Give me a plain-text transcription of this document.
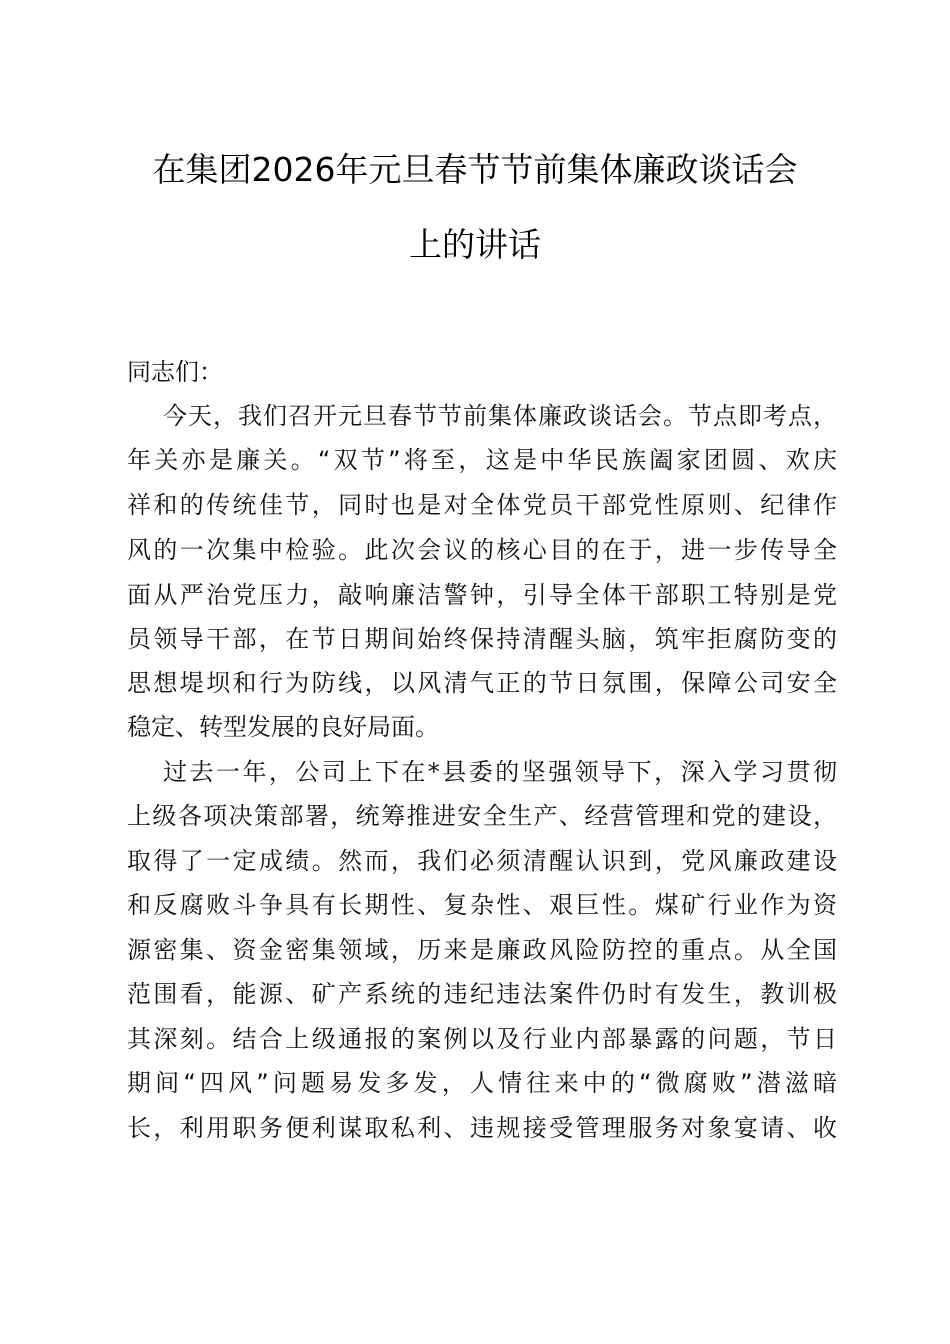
在集团2026年元旦春节节前集体廉政谈话会
上的讲话
同志们：
今天，我们召开元旦春节节前集体廉政谈话会。节点即考点，
年关亦是廉关。“双节”将至，这是中华民族阖家团圆、欢庆
祥和的传统佳节，同时也是对全体党员干部党性原则、纪律作
风的一次集中检验。此次会议的核心目的在于，进一步传导全
面从严治党压力，敲响廉洁警钟，引导全体干部职工特别是党
员领导干部，在节日期间始终保持清醒头脑，筑牢拒腐防变的
思想堤坝和行为防线，以风清气正的节日氛围，保障公司安全
稳定、转型发展的良好局面。
过去一年，公司上下在*县委的坚强领导下，深入学习贯彻
上级各项决策部署，统筹推进安全生产、经营管理和党的建设，
取得了一定成绩。然而，我们必须清醒认识到，党风廉政建设
和反腐败斗争具有长期性、复杂性、艰巨性。煤矿行业作为资
源密集、资金密集领域，历来是廉政风险防控的重点。从全国
范围看，能源、矿产系统的违纪违法案件仍时有发生，教训极
其深刻。结合上级通报的案例以及行业内部暴露的问题，节日
期间“四风”问题易发多发，人情往来中的“微腐败”潜滋暗
长，利用职务便利谋取私利、违规接受管理服务对象宴请、收
